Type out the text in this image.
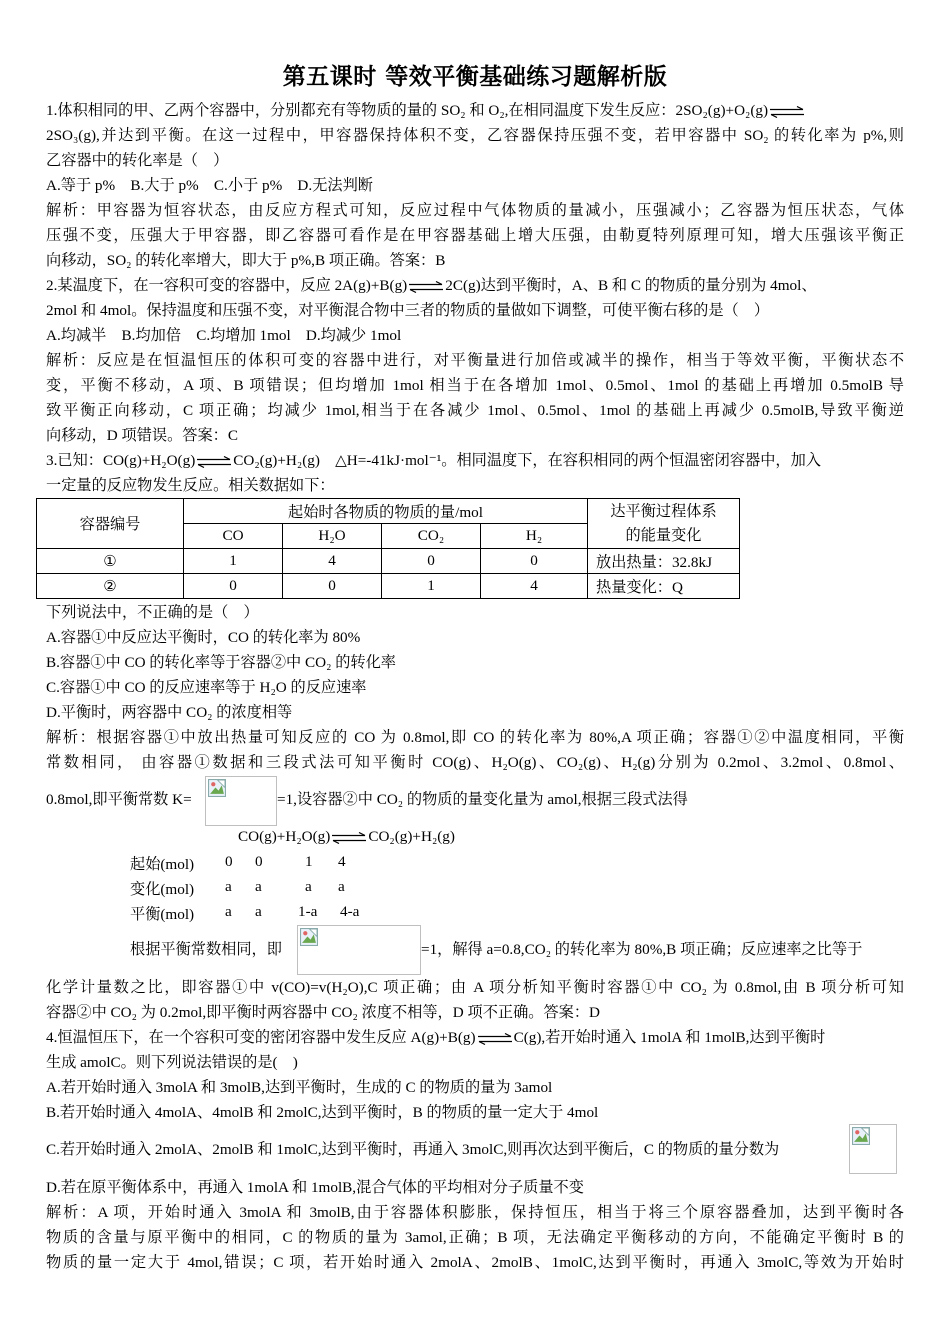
第五课时 等效平衡基础练习题解析版
1.体积相同的甲、乙两个容器中，分别都充有等物质的量的 SO₂ 和 O₂,在相同温度下发生反应：2SO₂(g)+O₂(g)
2SO₃(g),并达到平衡。在这一过程中，甲容器保持体积不变，乙容器保持压强不变，若甲容器中 SO₂ 的转化率为 p%,则
乙容器中的转化率是（　）
A.等于 p%　B.大于 p%　C.小于 p%　D.无法判断
解析：甲容器为恒容状态，由反应方程式可知，反应过程中气体物质的量减小，压强减小；乙容器为恒压状态，气体
压强不变，压强大于甲容器，即乙容器可看作是在甲容器基础上增大压强，由勒夏特列原理可知，增大压强该平衡正
向移动，SO₂ 的转化率增大，即大于 p%,B 项正确。答案：B
2.某温度下，在一容积可变的容器中，反应 2A(g)+B(g)	2C(g)达到平衡时，A、B 和 C 的物质的量分别为 4mol、
2mol 和 4mol。保持温度和压强不变，对平衡混合物中三者的物质的量做如下调整，可使平衡右移的是（　）
A.均减半　B.均加倍　C.均增加 1mol　D.均减少 1mol
解析：反应是在恒温恒压的体积可变的容器中进行，对平衡量进行加倍或减半的操作，相当于等效平衡，平衡状态不
变，平衡不移动，A 项、B 项错误；但均增加 1mol 相当于在各增加 1mol、0.5mol、1mol 的基础上再增加 0.5molB 导
致平衡正向移动，C 项正确；均减少 1mol,相当于在各减少 1mol、0.5mol、1mol 的基础上再减少 0.5molB,导致平衡逆
向移动，D 项错误。答案：C
3.已知：CO(g)+H₂O(g)	CO₂(g)+H₂(g)　△H=-41kJ·mol⁻¹。相同温度下，在容积相同的两个恒温密闭容器中，加入
一定量的反应物发生反应。相关数据如下：
容器编号	起始时各物质的物质的量/mol				达平衡过程体系
的能量变化
	CO	H₂O	CO₂	H₂	
①	1	4	0	0	放出热量：32.8kJ
②	0	0	1	4	热量变化：Q
下列说法中，不正确的是（　）
A.容器①中反应达平衡时，CO 的转化率为 80%
B.容器①中 CO 的转化率等于容器②中 CO₂ 的转化率
C.容器①中 CO 的反应速率等于 H₂O 的反应速率
D.平衡时，两容器中 CO₂ 的浓度相等
解析：根据容器①中放出热量可知反应的 CO 为 0.8mol,即 CO 的转化率为 80%,A 项正确；容器①②中温度相同，平衡
常数相同， 由容器①数据和三段式法可知平衡时 CO(g)、H₂O(g)、CO₂(g)、H₂(g)分别为 0.2mol、3.2mol、0.8mol、
0.8mol,即平衡常数 K=	=1,设容器②中 CO₂ 的物质的量变化量为 amol,根据三段式法得
CO(g)+H₂O(g)	CO₂(g)+H₂(g)
起始(mol) 0 0	1 4
变化(mol) a a	a a
平衡(mol) a a 1-a 4-a
根据平衡常数相同，即	=1，解得 a=0.8,CO₂ 的转化率为 80%,B 项正确；反应速率之比等于
化学计量数之比，即容器①中 v(CO)=v(H₂O),C 项正确；由 A 项分析知平衡时容器①中 CO₂ 为 0.8mol,由 B 项分析可知
容器②中 CO₂ 为 0.2mol,即平衡时两容器中 CO₂ 浓度不相等，D 项不正确。答案：D
4.恒温恒压下，在一个容积可变的密闭容器中发生反应 A(g)+B(g)	C(g),若开始时通入 1molA 和 1molB,达到平衡时
生成 amolC。则下列说法错误的是(　)
A.若开始时通入 3molA 和 3molB,达到平衡时，生成的 C 的物质的量为 3amol
B.若开始时通入 4molA、4molB 和 2molC,达到平衡时，B 的物质的量一定大于 4mol
C.若开始时通入 2molA、2molB 和 1molC,达到平衡时，再通入 3molC,则再次达到平衡后，C 的物质的量分数为
D.若在原平衡体系中，再通入 1molA 和 1molB,混合气体的平均相对分子质量不变
解析：A 项，开始时通入 3molA 和 3molB,由于容器体积膨胀，保持恒压，相当于将三个原容器叠加，达到平衡时各
物质的含量与原平衡中的相同，C 的物质的量为 3amol,正确；B 项，无法确定平衡移动的方向，不能确定平衡时 B 的
物质的量一定大于 4mol,错误；C 项，若开始时通入 2molA、2molB、1molC,达到平衡时，再通入 3molC,等效为开始时
